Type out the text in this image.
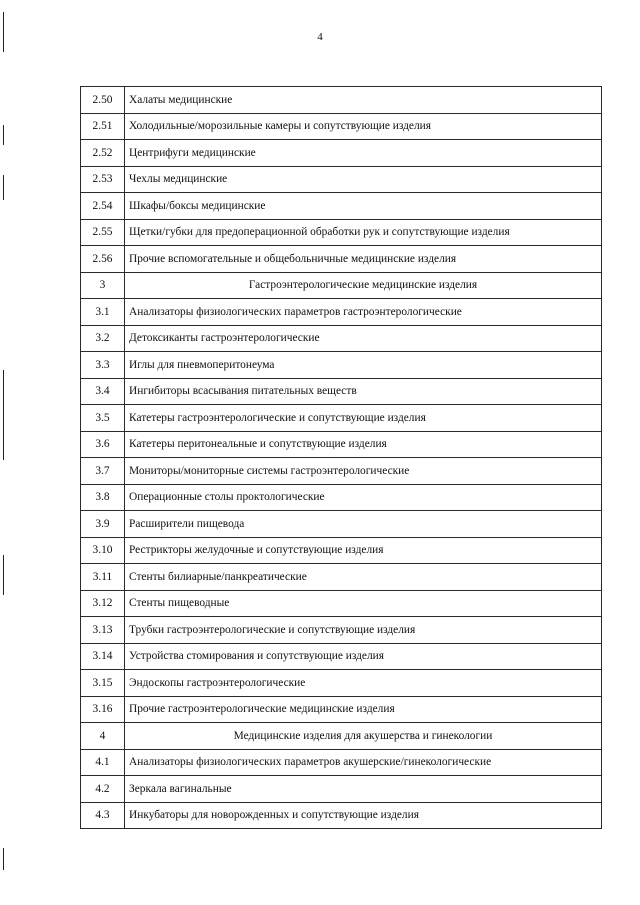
4
2.50	Халаты медицинские
2.51	Холодильные/морозильные камеры и сопутствующие изделия
2.52	Центрифуги медицинские
2.53	Чехлы медицинские
2.54	Шкафы/боксы медицинские
2.55	Щетки/губки для предоперационной обработки рук и сопутствующие изделия
2.56	Прочие вспомогательные и общебольничные медицинские изделия
3	Гастроэнтерологические медицинские изделия
3.1	Анализаторы физиологических параметров гастроэнтерологические
3.2	Детоксиканты гастроэнтерологические
3.3	Иглы для пневмоперитонеума
3.4	Ингибиторы всасывания питательных веществ
3.5	Катетеры гастроэнтерологические и сопутствующие изделия
3.6	Катетеры перитонеальные и сопутствующие изделия
3.7	Мониторы/мониторные системы гастроэнтерологические
3.8	Операционные столы проктологические
3.9	Расширители пищевода
3.10	Рестрикторы желудочные и сопутствующие изделия
3.11	Стенты билиарные/панкреатические
3.12	Стенты пищеводные
3.13	Трубки гастроэнтерологические и сопутствующие изделия
3.14	Устройства стомирования и сопутствующие изделия
3.15	Эндоскопы гастроэнтерологические
3.16	Прочие гастроэнтерологические медицинские изделия
4	Медицинские изделия для акушерства и гинекологии
4.1	Анализаторы физиологических параметров акушерские/гинекологические
4.2	Зеркала вагинальные
4.3	Инкубаторы для новорожденных и сопутствующие изделия
